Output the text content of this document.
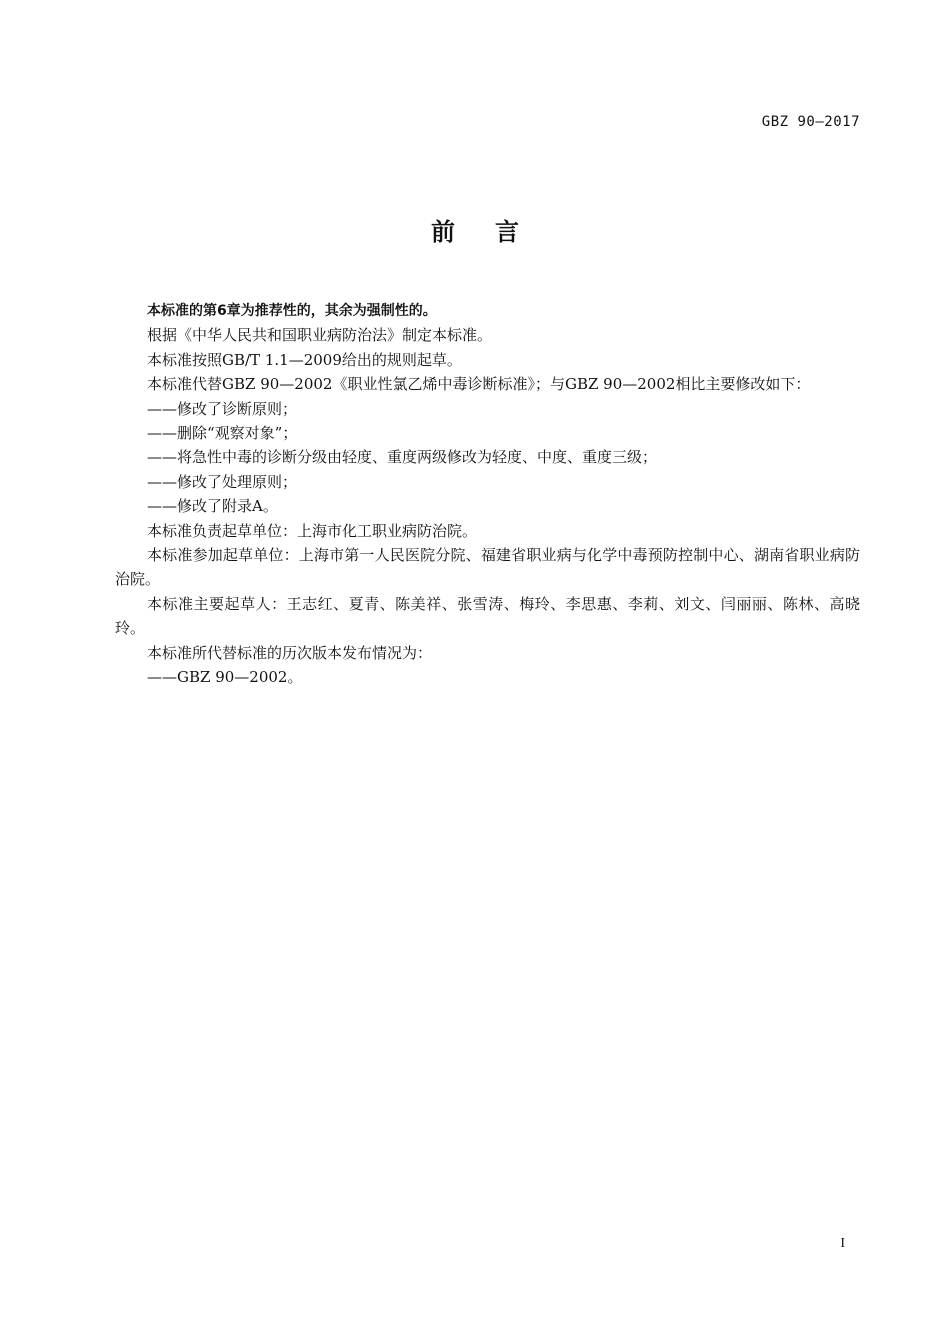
GBZ 90—2017
前言

本标准的第6章为推荐性的，其余为强制性的。

根据《中华人民共和国职业病防治法》制定本标准。

本标准按照GB/T 1.1—2009给出的规则起草。

本标准代替GBZ 90—2002《职业性氯乙烯中毒诊断标准》；与GBZ 90—2002相比主要修改如下：

——修改了诊断原则；

——删除“观察对象”；

——将急性中毒的诊断分级由轻度、重度两级修改为轻度、中度、重度三级；

——修改了处理原则；

——修改了附录A。

本标准负责起草单位：上海市化工职业病防治院。

本标准参加起草单位：上海市第一人民医院分院、福建省职业病与化学中毒预防控制中心、湖南省职业病防治院。

本标准主要起草人：王志红、夏青、陈美祥、张雪涛、梅玲、李思惠、李莉、刘文、闫丽丽、陈林、高晓玲。

本标准所代替标准的历次版本发布情况为：

——GBZ 90—2002。

I
